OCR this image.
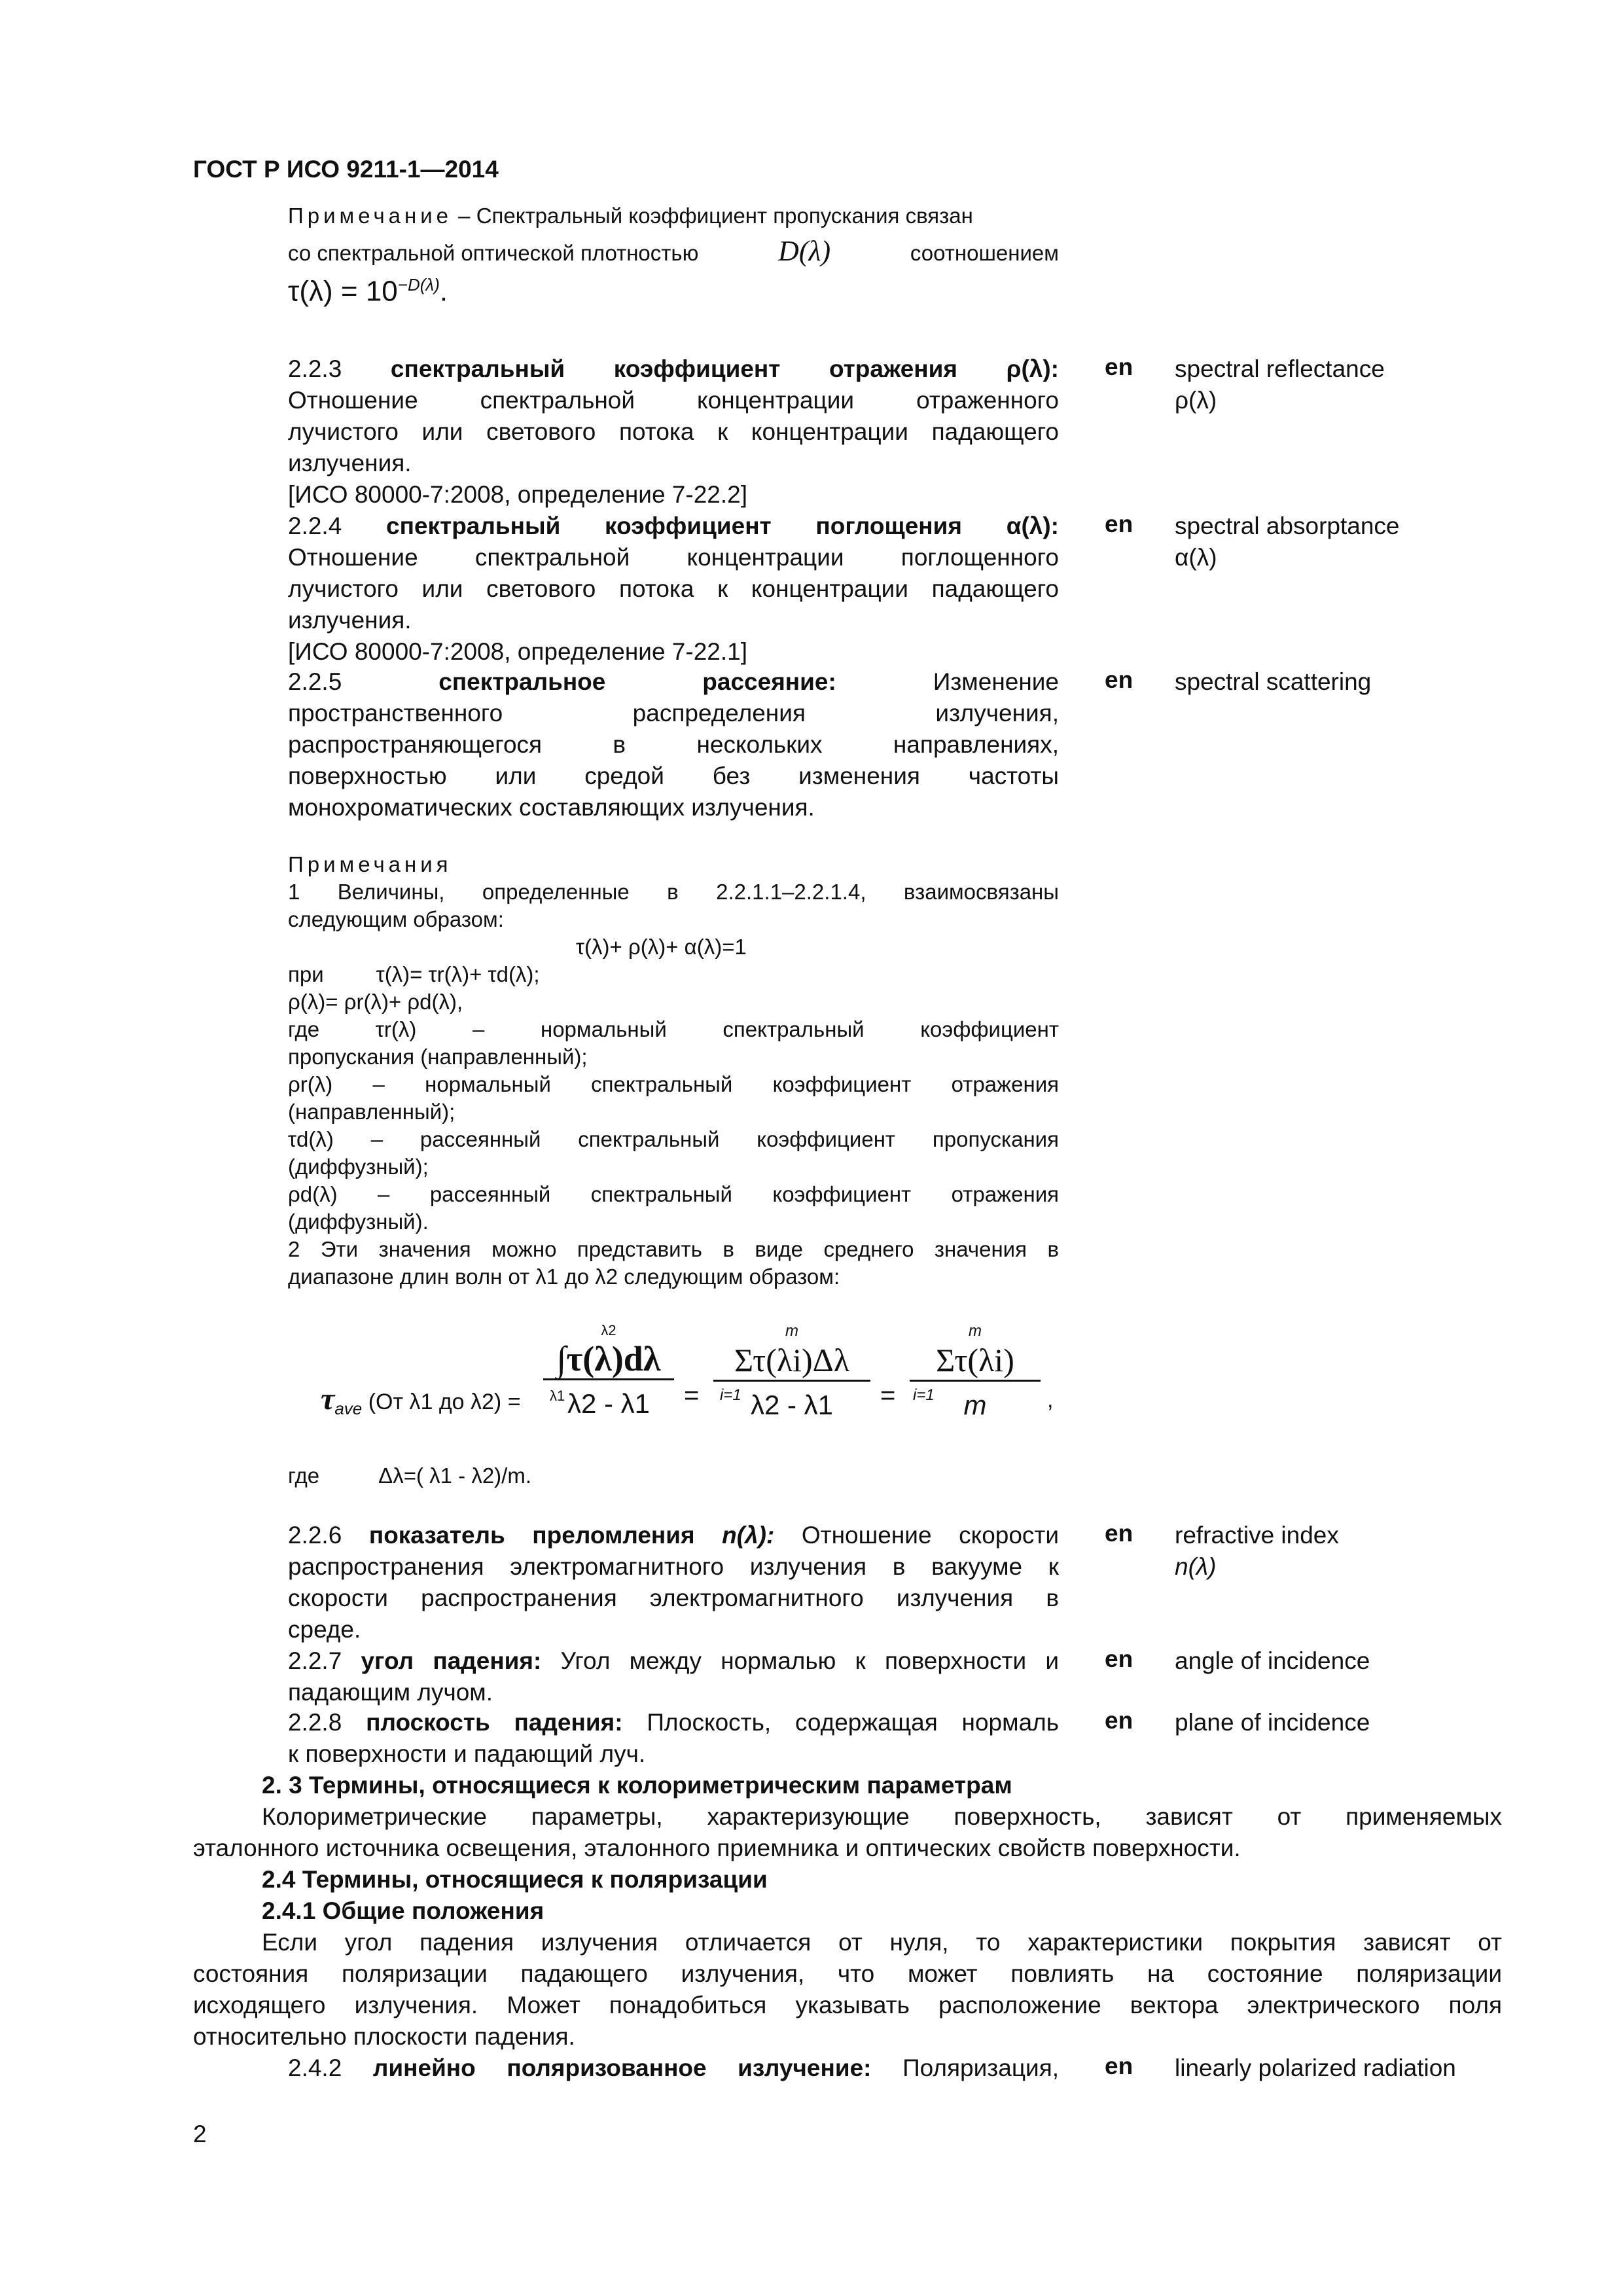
ГОСТ Р ИСО 9211-1—2014
Примечание – Спектральный коэффициент пропускания связан
со спектральной оптической плотностью	D(λ)	соотношением
$\tau(\lambda) = 10^{-D(\lambda)}$.
2.2.3 спектральный коэффициент отражения ρ(λ):
Отношение спектральной концентрации отраженного
лучистого или светового потока к концентрации падающего
излучения.
[ИСО 80000-7:2008, определение 7-22.2]
en spectral reflectance
ρ(λ)
2.2.4 спектральный коэффициент поглощения α(λ):
Отношение спектральной концентрации поглощенного
лучистого или светового потока к концентрации падающего
излучения.
[ИСО 80000-7:2008, определение 7-22.1]
en spectral absorptance
α(λ)
2.2.5	спектральное рассеяние:	Изменение
пространственного распределения излучения,
распространяющегося в нескольких направлениях,
поверхностью или средой без изменения частоты
монохроматических составляющих излучения.
en spectral scattering
Примечания
1 Величины, определенные в 2.2.1.1–2.2.1.4, взаимосвязаны
следующим образом:
τ(λ)+ ρ(λ)+ α(λ)=1
при τ(λ)= τr(λ)+ τd(λ);
ρ(λ)= ρr(λ)+ ρd(λ),
где	τr(λ) – нормальный спектральный коэффициент
пропускания (направленный);
ρr(λ) – нормальный спектральный коэффициент отражения
(направленный);
τd(λ) – рассеянный спектральный коэффициент пропускания
(диффузный);
ρd(λ) – рассеянный спектральный коэффициент отражения
(диффузный).
2 Эти значения можно представить в виде среднего значения в
диапазоне длин волн от λ1 до λ2 следующим образом:
$\tau_{ave}$ (От λ1 до λ2) =
λ2
∫τ(λ)dλ
λ2 - λ1
λ1	=
m
Στ(λi)Δλ
λ2 - λ1
i=1	=
m
Στ(λi)
m
i=1	,
где	Δλ=( λ1 - λ2)/m.
2.2.6 показатель преломления n(λ): Отношение скорости
распространения электромагнитного излучения в вакууме к
скорости распространения электромагнитного излучения в
среде.
en refractive index
n(λ)
2.2.7 угол падения: Угол между нормалью к поверхности и
падающим лучом.
en angle of incidence
2.2.8 плоскость падения: Плоскость, содержащая нормаль
к поверхности и падающий луч.
en plane of incidence
2. 3 Термины, относящиеся к колориметрическим параметрам
Колориметрические параметры, характеризующие поверхность, зависят от применяемых
эталонного источника освещения, эталонного приемника и оптических свойств поверхности.
2.4 Термины, относящиеся к поляризации
2.4.1 Общие положения
Если угол падения излучения отличается от нуля, то характеристики покрытия зависят от
состояния поляризации падающего излучения, что может повлиять на состояние поляризации
исходящего излучения. Может понадобиться указывать расположение вектора электрического поля
относительно плоскости падения.
2.4.2 линейно поляризованное излучение: Поляризация, en linearly polarized radiation
2
